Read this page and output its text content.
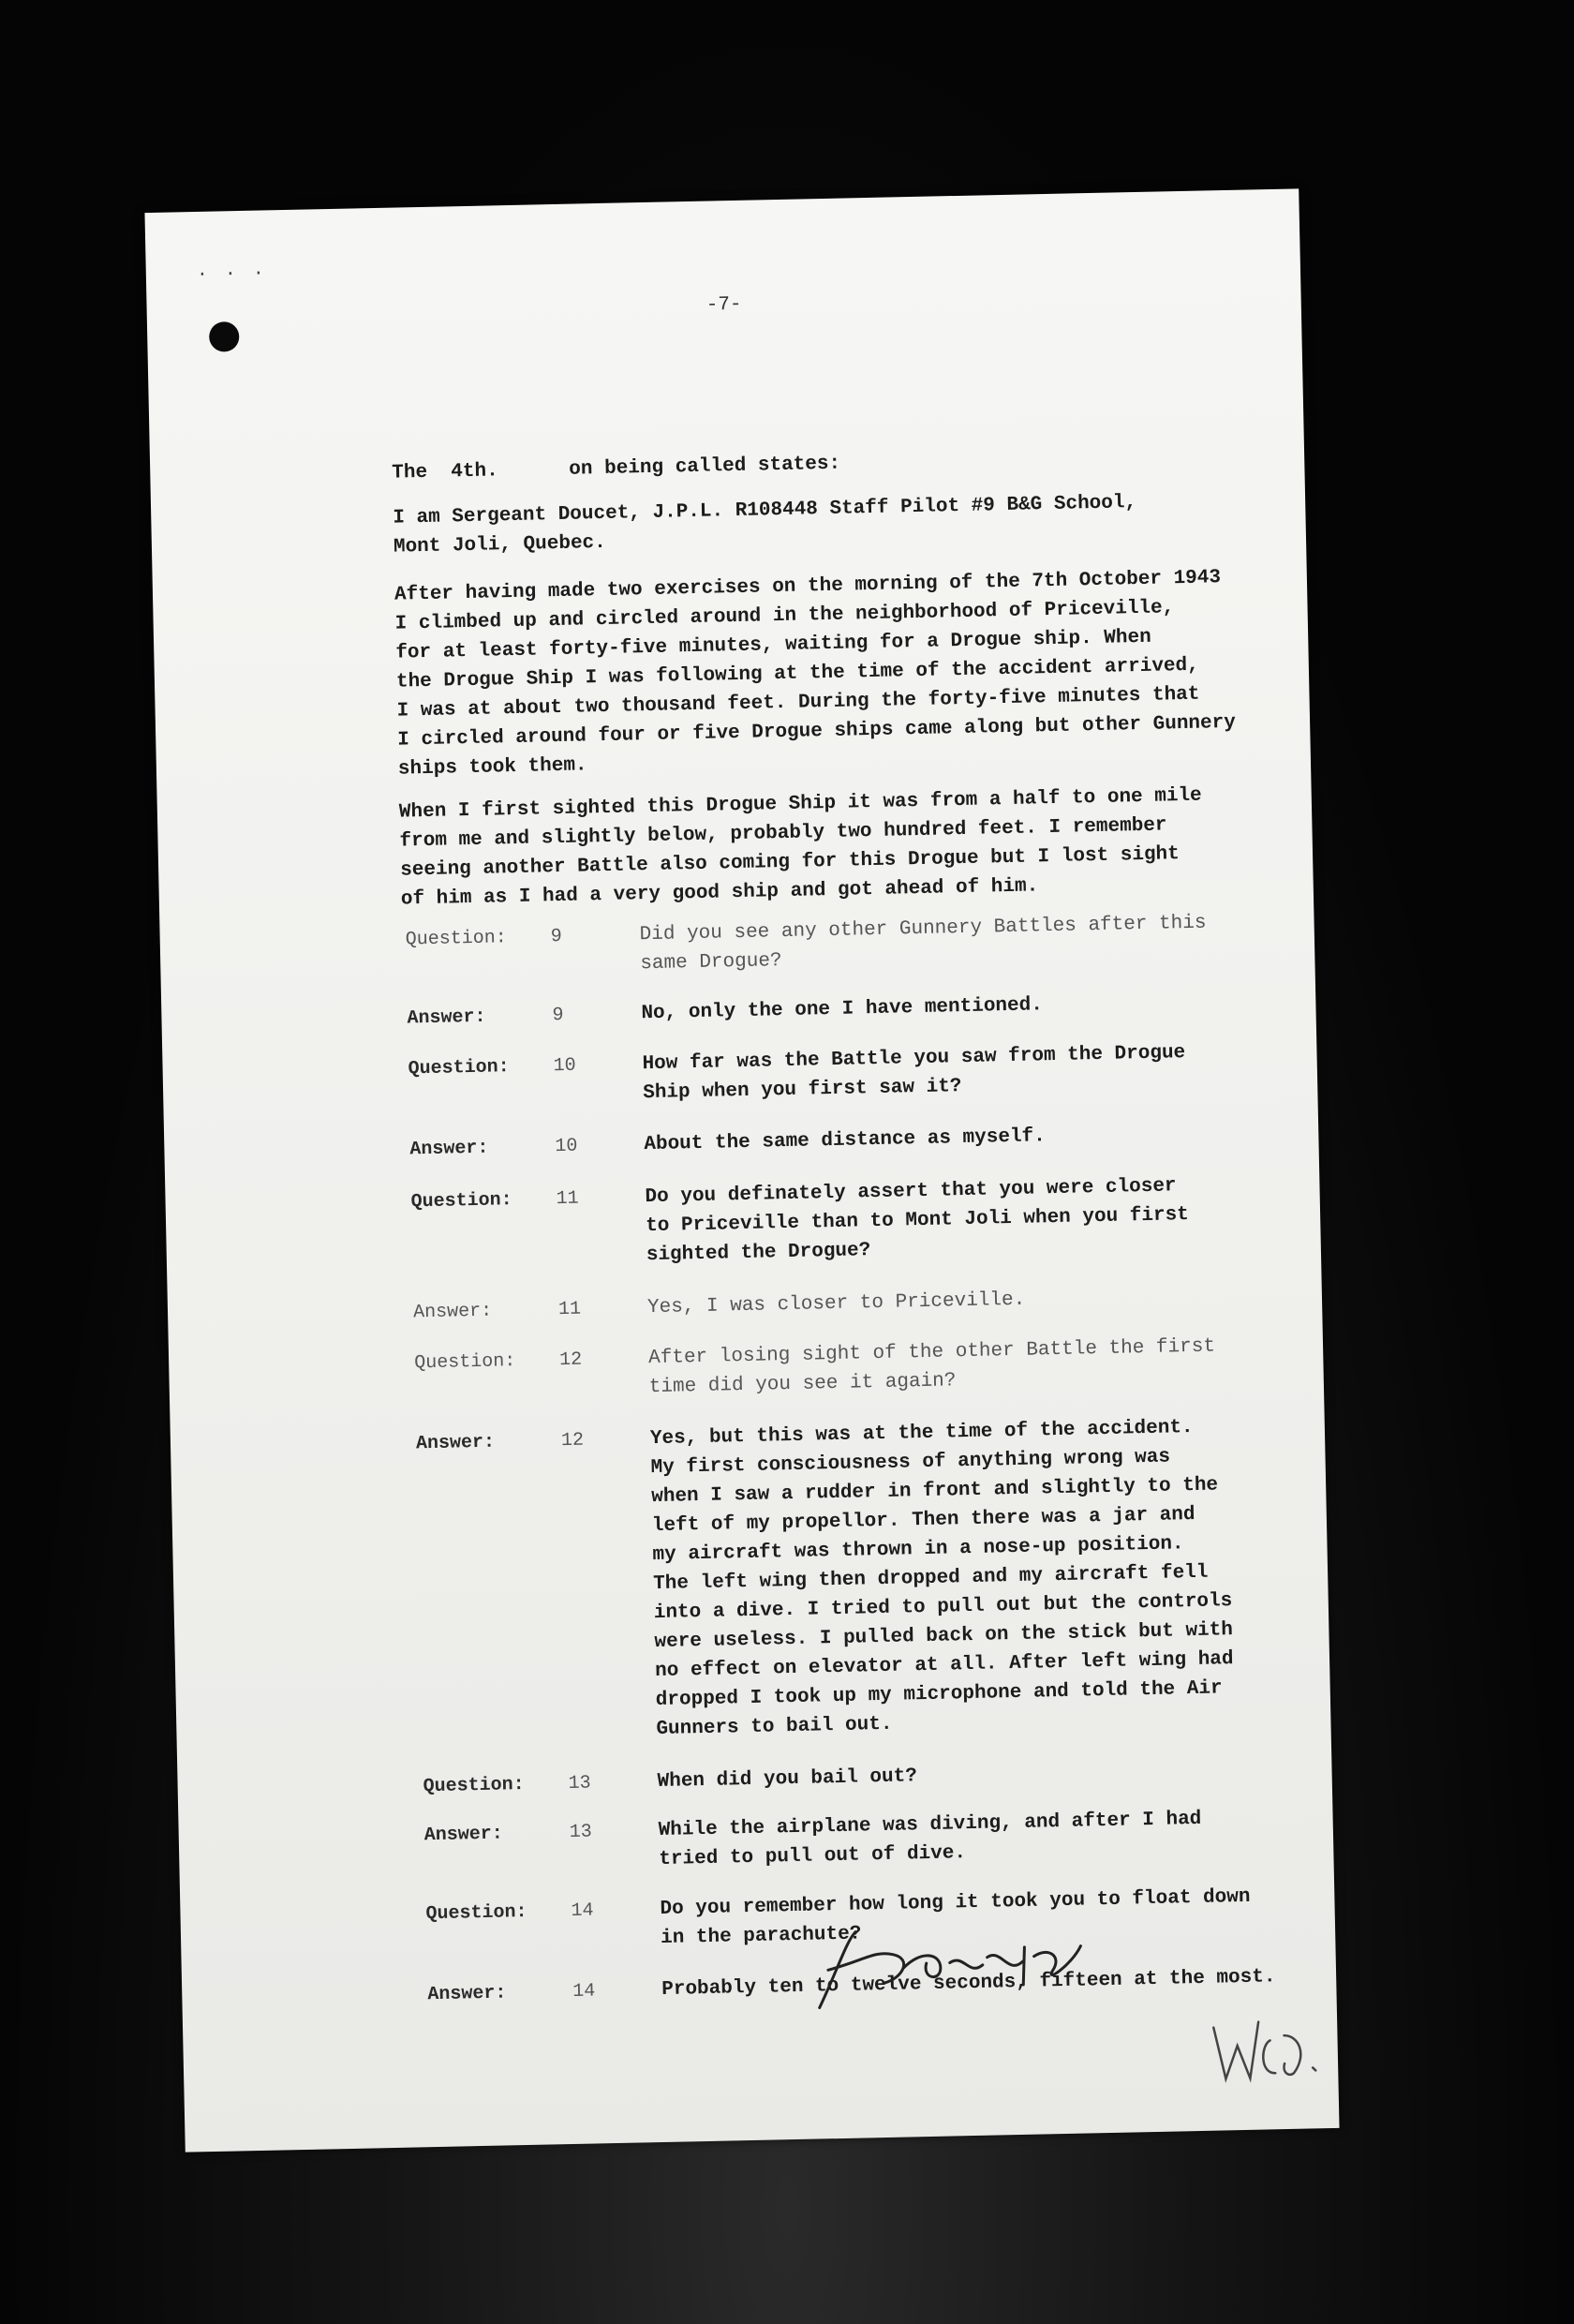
· · ·
-7-
The  4th.      on being called states:
I am Sergeant Doucet, J.P.L. R108448 Staff Pilot #9 B&G School,
Mont Joli, Quebec.
After having made two exercises on the morning of the 7th October 1943
I climbed up and circled around in the neighborhood of Priceville,
for at least forty-five minutes, waiting for a Drogue ship. When
the Drogue Ship I was following at the time of the accident arrived,
I was at about two thousand feet. During the forty-five minutes that
I circled around four or five Drogue ships came along but other Gunnery
ships took them.
When I first sighted this Drogue Ship it was from a half to one mile
from me and slightly below, probably two hundred feet. I remember
seeing another Battle also coming for this Drogue but I lost sight
of him as I had a very good ship and got ahead of him.
Question:	9	Did you see any other Gunnery Battles after this
same Drogue?
Answer:	9	No, only the one I have mentioned.
Question:	10	How far was the Battle you saw from the Drogue
Ship when you first saw it?
Answer:	10	About the same distance as myself.
Question:	11	Do you definately assert that you were closer
to Priceville than to Mont Joli when you first
sighted the Drogue?
Answer:	11	Yes, I was closer to Priceville.
Question:	12	After losing sight of the other Battle the first
time did you see it again?
Answer:	12	Yes, but this was at the time of the accident.
My first consciousness of anything wrong was
when I saw a rudder in front and slightly to the
left of my propellor. Then there was a jar and
my aircraft was thrown in a nose-up position.
The left wing then dropped and my aircraft fell
into a dive. I tried to pull out but the controls
were useless. I pulled back on the stick but with
no effect on elevator at all. After left wing had
dropped I took up my microphone and told the Air
Gunners to bail out.
Question:	13	When did you bail out?
Answer:	13	While the airplane was diving, and after I had
tried to pull out of dive.
Question:	14	Do you remember how long it took you to float down
in the parachute?
Answer:	14	Probably ten to twelve seconds, fifteen at the most.
